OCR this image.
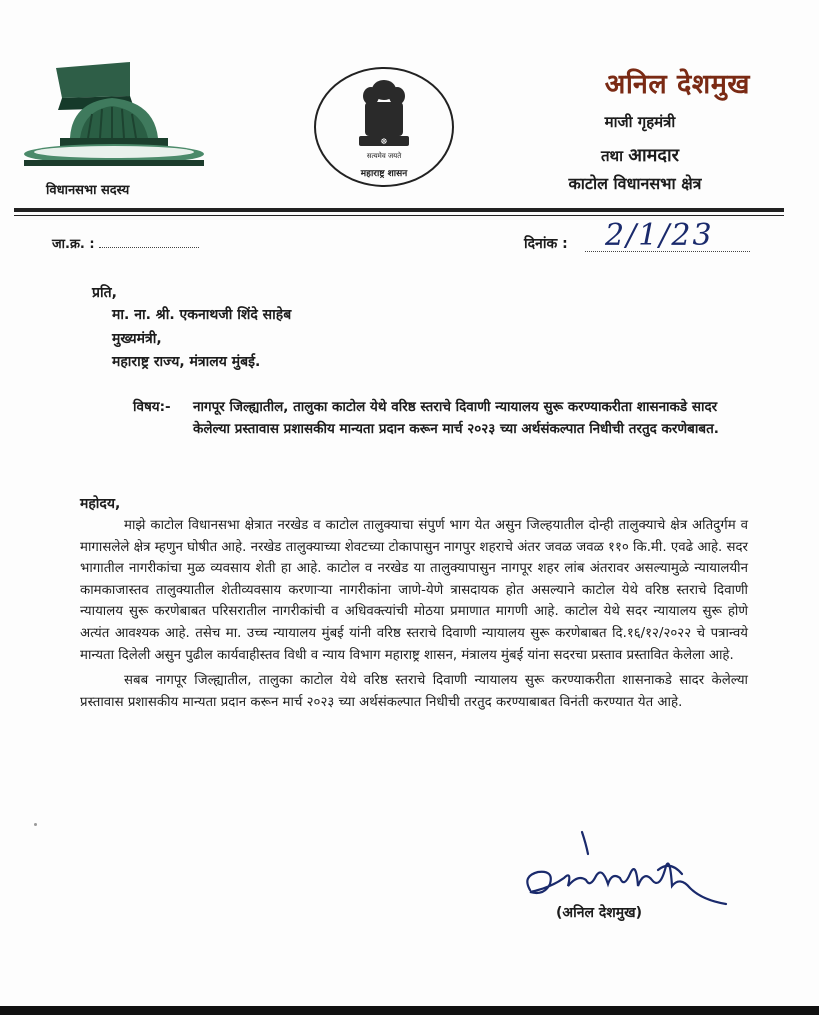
विधानसभा सदस्य
☸
सत्यमेव जयते
महाराष्ट्र शासन
अनिल देशमुख
माजी गृहमंत्री
तथा आमदार
काटोल विधानसभा क्षेत्र
जा.क्र. :	दिनांक : 2/1/23
प्रति,
मा. ना. श्री. एकनाथजी शिंदे साहेब
मुख्यमंत्री,
महाराष्ट्र राज्य, मंत्रालय मुंबई.
विषय:-	नागपूर जिल्ह्यातील, तालुका काटोल येथे वरिष्ठ स्तराचे दिवाणी न्यायालय सुरू करण्याकरीता शासनाकडे सादर केलेल्या प्रस्तावास प्रशासकीय मान्यता प्रदान करून मार्च २०२३ च्या अर्थसंकल्पात निधीची तरतुद करणेबाबत.
महोदय,

माझे काटोल विधानसभा क्षेत्रात नरखेड व काटोल तालुक्याचा संपुर्ण भाग येत असुन जिल्हयातील दोन्ही तालुक्याचे क्षेत्र अतिदुर्गम व मागासलेले क्षेत्र म्हणुन घोषीत आहे. नरखेड तालुक्याच्या शेवटच्या टोकापासुन नागपुर शहराचे अंतर जवळ जवळ ११० कि.मी. एवढे आहे. सदर भागातील नागरीकांचा मुळ व्यवसाय शेती हा आहे. काटोल व नरखेड या तालुक्यापासुन नागपूर शहर लांब अंतरावर असल्यामुळे न्यायालयीन कामकाजास्तव तालुक्यातील शेतीव्यवसाय करणाऱ्या नागरीकांना जाणे-येणे त्रासदायक होत असल्याने काटोल येथे वरिष्ठ स्तराचे दिवाणी न्यायालय सुरू करणेबाबत परिसरातील नागरीकांची व अधिवक्त्यांची मोठया प्रमाणात मागणी आहे. काटोल येथे सदर न्यायालय सुरू होणे अत्यंत आवश्यक आहे. तसेच मा. उच्च न्यायालय मुंबई यांनी वरिष्ठ स्तराचे दिवाणी न्यायालय सुरू करणेबाबत दि.१६/१२/२०२२ चे पत्रान्वये मान्यता दिलेली असुन पुढील कार्यवाहीस्तव विधी व न्याय विभाग महाराष्ट्र शासन, मंत्रालय मुंबई यांना सदरचा प्रस्ताव प्रस्तावित केलेला आहे.

सबब नागपूर जिल्ह्यातील, तालुका काटोल येथे वरिष्ठ स्तराचे दिवाणी न्यायालय सुरू करण्याकरीता शासनाकडे सादर केलेल्या प्रस्तावास प्रशासकीय मान्यता प्रदान करून मार्च २०२३ च्या अर्थसंकल्पात निधीची तरतुद करण्याबाबत विनंती करण्यात येत आहे.

(अनिल देशमुख)
